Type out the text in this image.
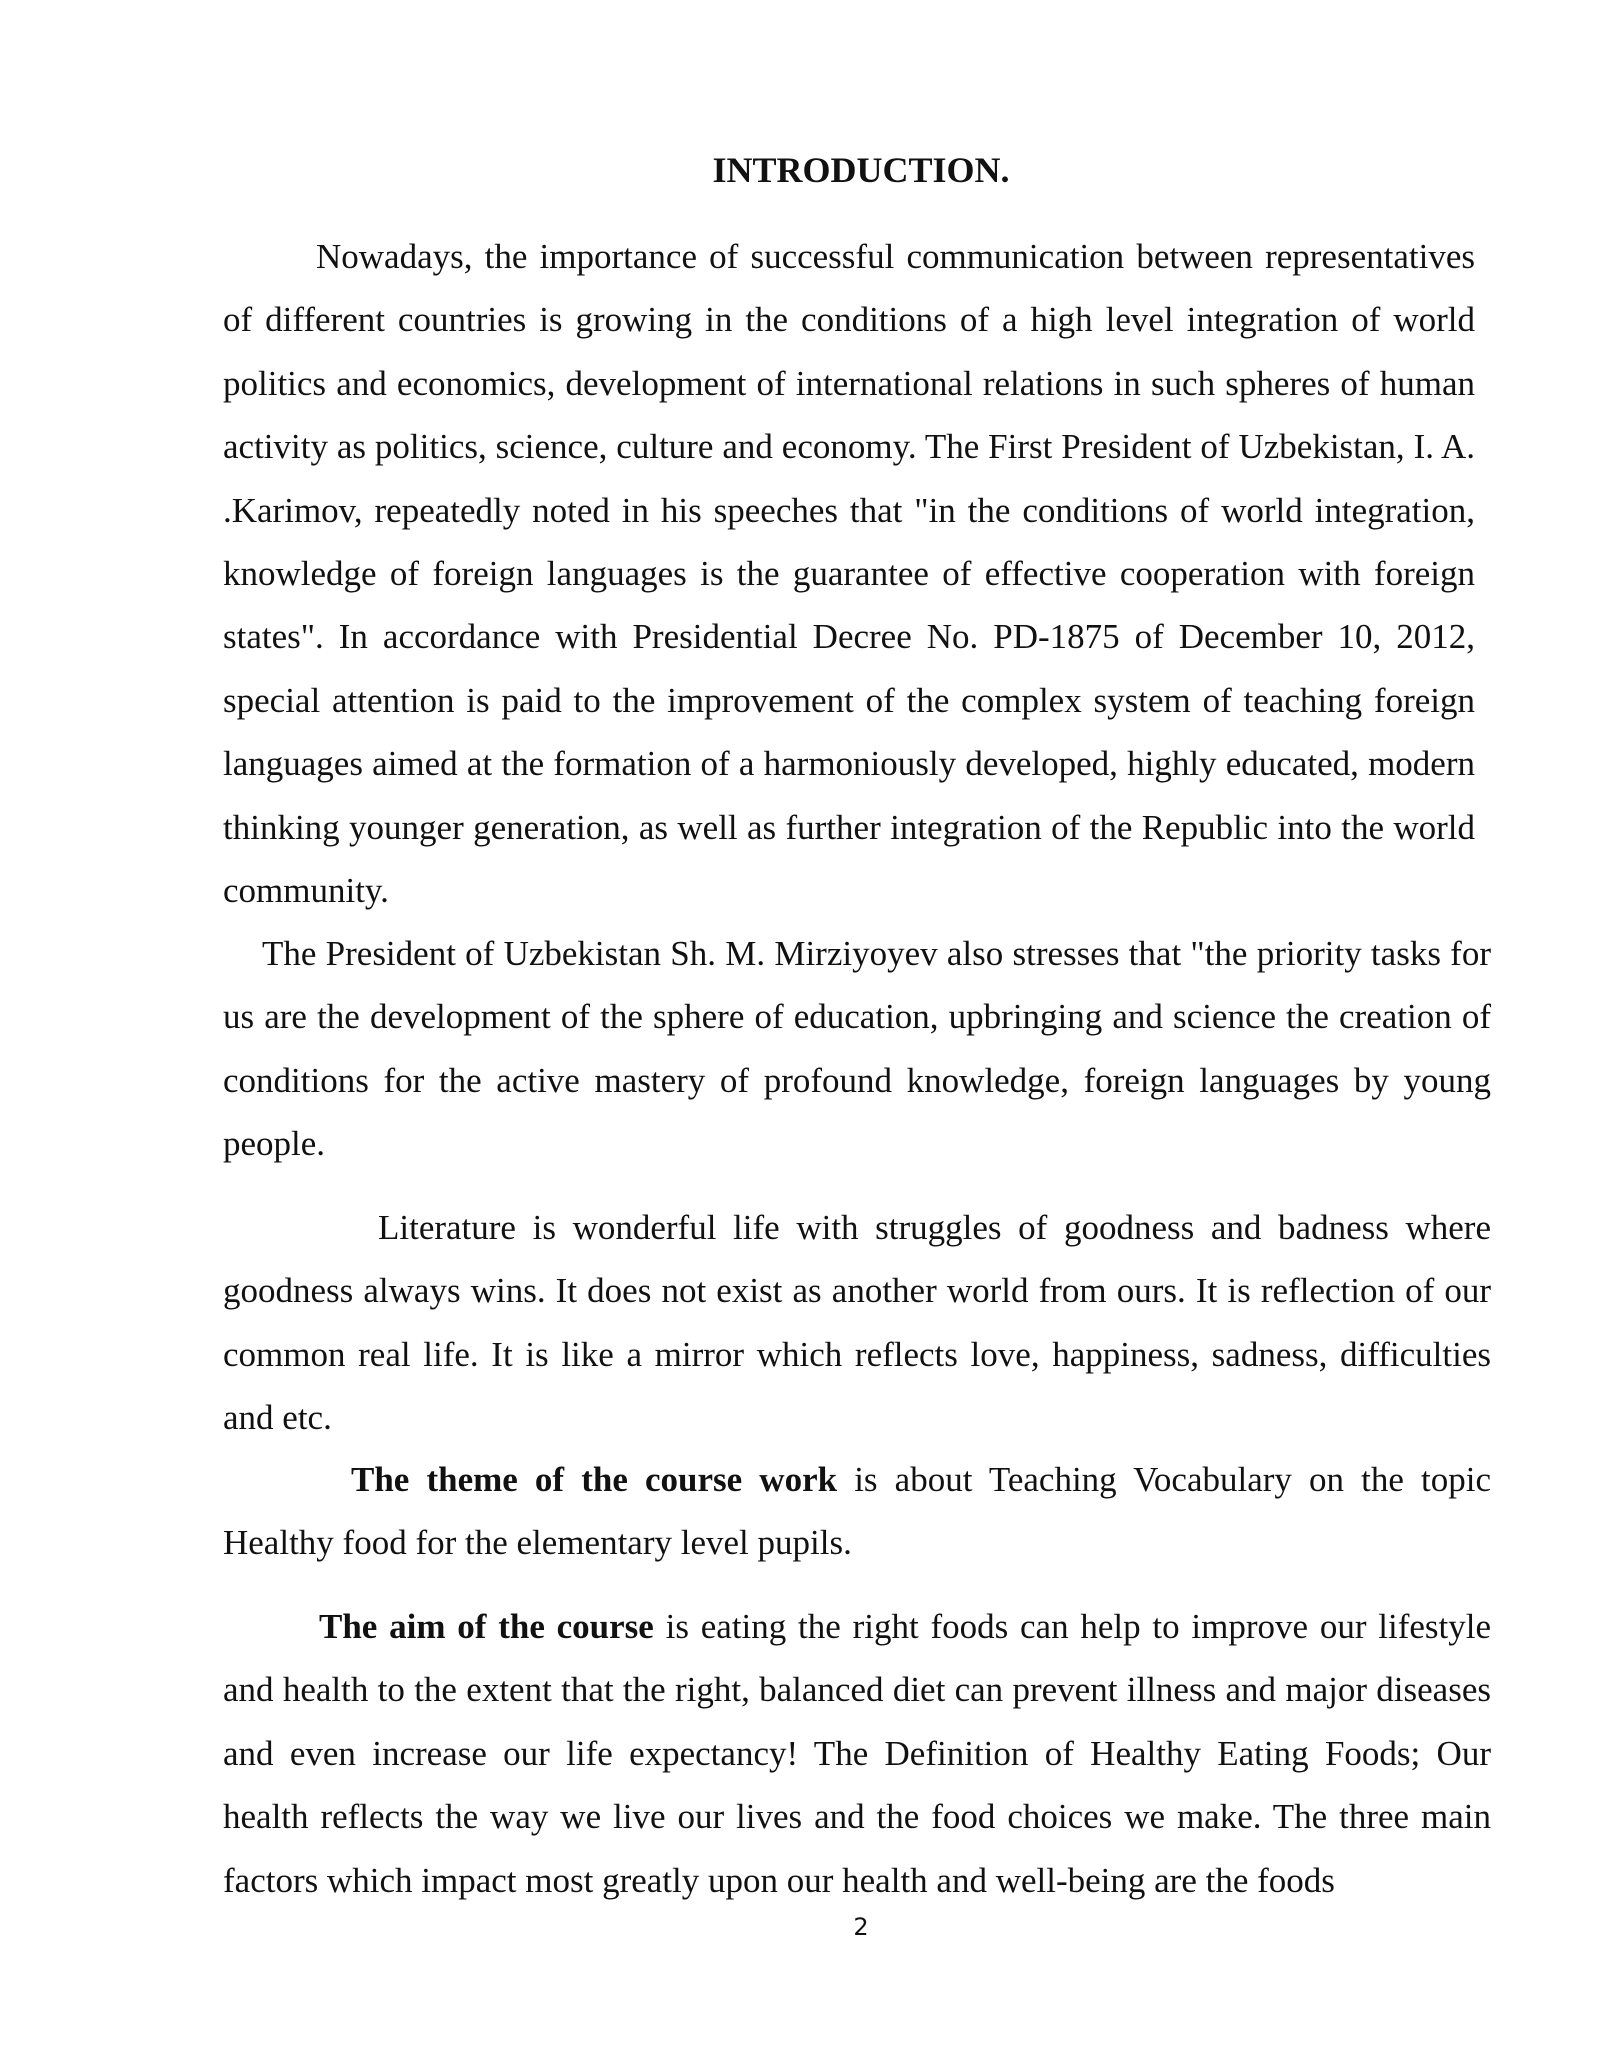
INTRODUCTION.

Nowadays, the importance of successful communication between representatives of different countries is growing in the conditions of a high level integration of world politics and economics, development of international relations in such spheres of human activity as politics, science, culture and economy. The First President of Uzbekistan, I. A. .Karimov, repeatedly noted in his speeches that "in the conditions of world integration, knowledge of foreign languages is the guarantee of effective cooperation with foreign states". In accordance with Presidential Decree No. PD-1875 of December 10, 2012, special attention is paid to the improvement of the complex system of teaching foreign languages aimed at the formation of a harmoniously developed, highly educated, modern thinking younger generation, as well as further integration of the Republic into the world community.

The President of Uzbekistan Sh. M. Mirziyoyev also stresses that "the priority tasks for us are the development of the sphere of education, upbringing and science the creation of conditions for the active mastery of profound knowledge, foreign languages by young people.

Literature is wonderful life with struggles of goodness and badness where goodness always wins. It does not exist as another world from ours. It is reflection of our common real life. It is like a mirror which reflects love, happiness, sadness, difficulties and etc.

The theme of the course work is about Teaching Vocabulary on the topic Healthy food for the elementary level pupils.

The aim of the course is eating the right foods can help to improve our lifestyle and health to the extent that the right, balanced diet can prevent illness and major diseases and even increase our life expectancy! The Definition of Healthy Eating Foods; Our health reflects the way we live our lives and the food choices we make. The three main factors which impact most greatly upon our health and well-being are the foods

2
